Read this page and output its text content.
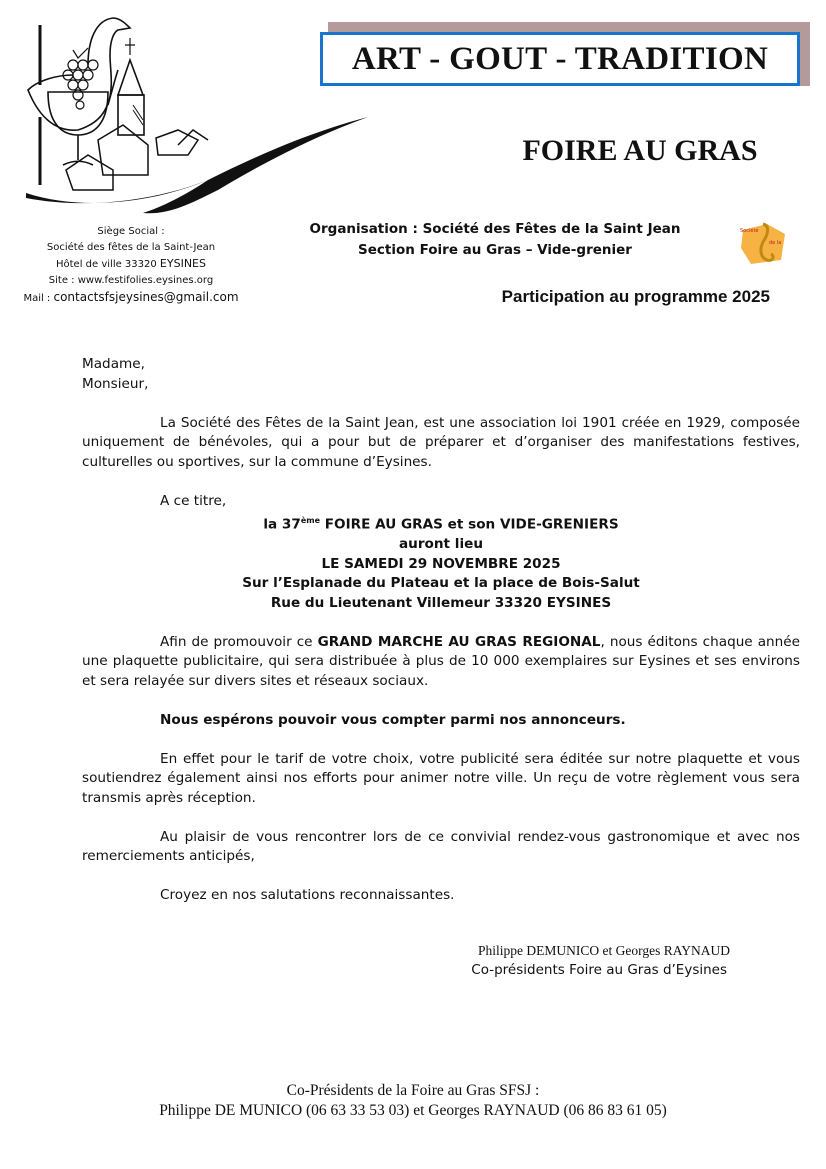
ART - GOUT - TRADITION
FOIRE AU GRAS
Siège Social :
Société des fêtes de la Saint-Jean
Hôtel de ville 33320 EYSINES
Site : www.festifolies.eysines.org
Mail : contactsfsjeysines@gmail.com
Organisation : Société des Fêtes de la Saint Jean
Section Foire au Gras – Vide-grenier
Société
de la
Participation au programme 2025

Madame,

Monsieur,

La Société des Fêtes de la Saint Jean, est une association loi 1901 créée en 1929, composée uniquement de bénévoles, qui a pour but de préparer et d’organiser des manifestations festives, culturelles ou sportives, sur la commune d’Eysines.

A ce titre,

la 37ème FOIRE AU GRAS et son VIDE-GRENIERS

auront lieu

LE SAMEDI 29 NOVEMBRE 2025

Sur l’Esplanade du Plateau et la place de Bois-Salut

Rue du Lieutenant Villemeur 33320 EYSINES

Afin de promouvoir ce GRAND MARCHE AU GRAS REGIONAL, nous éditons chaque année une plaquette publicitaire, qui sera distribuée à plus de 10 000 exemplaires sur Eysines et ses environs et sera relayée sur divers sites et réseaux sociaux.

Nous espérons pouvoir vous compter parmi nos annonceurs.

En effet pour le tarif de votre choix, votre publicité sera éditée sur notre plaquette et vous soutiendrez également ainsi nos efforts pour animer notre ville. Un reçu de votre règlement vous sera transmis après réception.

Au plaisir de vous rencontrer lors de ce convivial rendez-vous gastronomique et avec nos remerciements anticipés,

Croyez en nos salutations reconnaissantes.

Philippe DEMUNICO et Georges RAYNAUD
Co-présidents Foire au Gras d’Eysines
Co-Présidents de la Foire au Gras SFSJ :
Philippe DE MUNICO (06 63 33 53 03) et Georges RAYNAUD (06 86 83 61 05)
